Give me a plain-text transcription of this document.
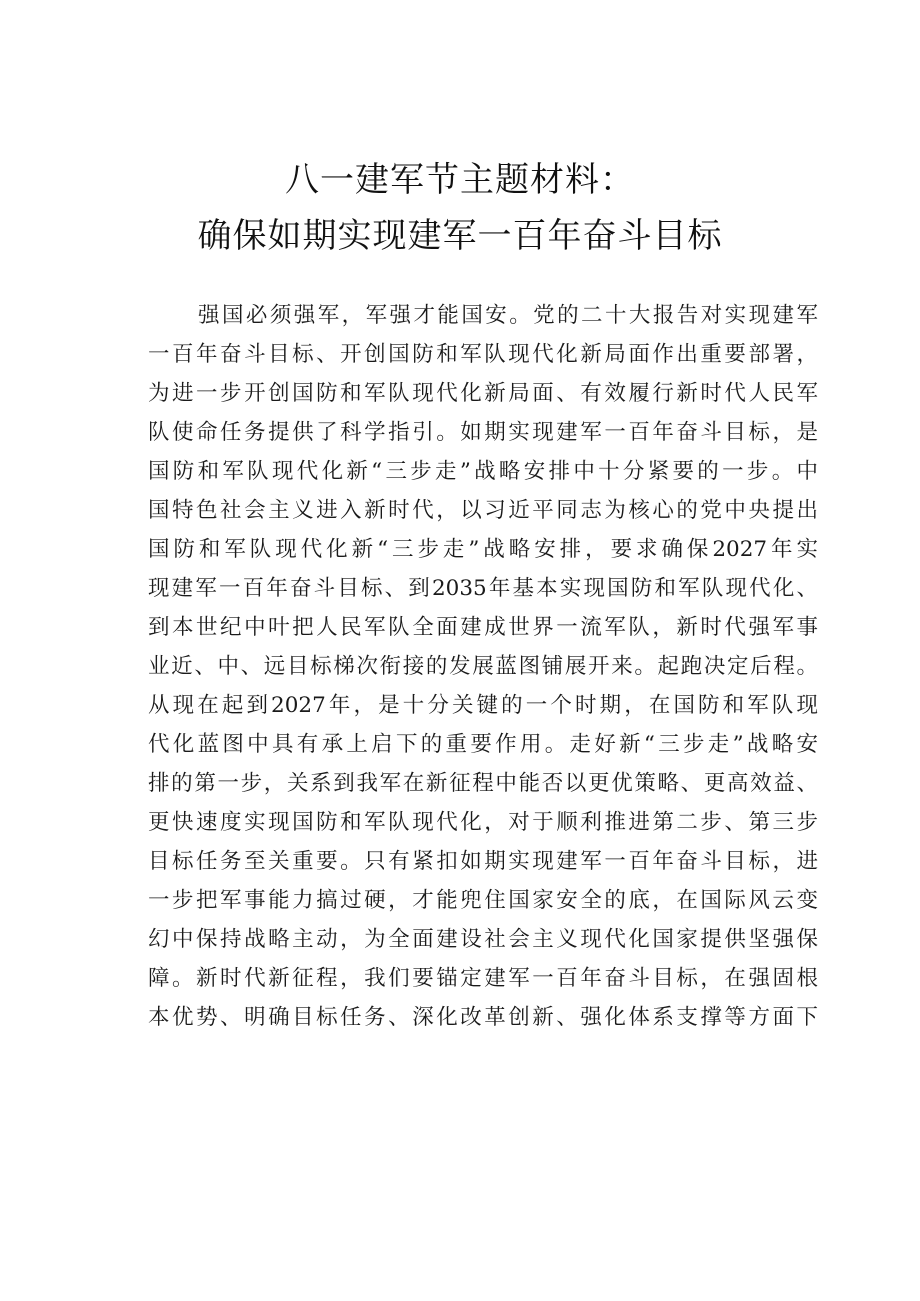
八一建军节主题材料：
确保如期实现建军一百年奋斗目标
强国必须强军，军强才能国安。党的二十大报告对实现建军
一百年奋斗目标、开创国防和军队现代化新局面作出重要部署，
为进一步开创国防和军队现代化新局面、有效履行新时代人民军
队使命任务提供了科学指引。如期实现建军一百年奋斗目标，是
国防和军队现代化新“三步走”战略安排中十分紧要的一步。中
国特色社会主义进入新时代，以习近平同志为核心的党中央提出
国防和军队现代化新“三步走”战略安排，要求确保2027年实
现建军一百年奋斗目标、到2035年基本实现国防和军队现代化、
到本世纪中叶把人民军队全面建成世界一流军队，新时代强军事
业近、中、远目标梯次衔接的发展蓝图铺展开来。起跑决定后程。
从现在起到2027年，是十分关键的一个时期，在国防和军队现
代化蓝图中具有承上启下的重要作用。走好新“三步走”战略安
排的第一步，关系到我军在新征程中能否以更优策略、更高效益、
更快速度实现国防和军队现代化，对于顺利推进第二步、第三步
目标任务至关重要。只有紧扣如期实现建军一百年奋斗目标，进
一步把军事能力搞过硬，才能兜住国家安全的底，在国际风云变
幻中保持战略主动，为全面建设社会主义现代化国家提供坚强保
障。新时代新征程，我们要锚定建军一百年奋斗目标，在强固根
本优势、明确目标任务、深化改革创新、强化体系支撑等方面下
